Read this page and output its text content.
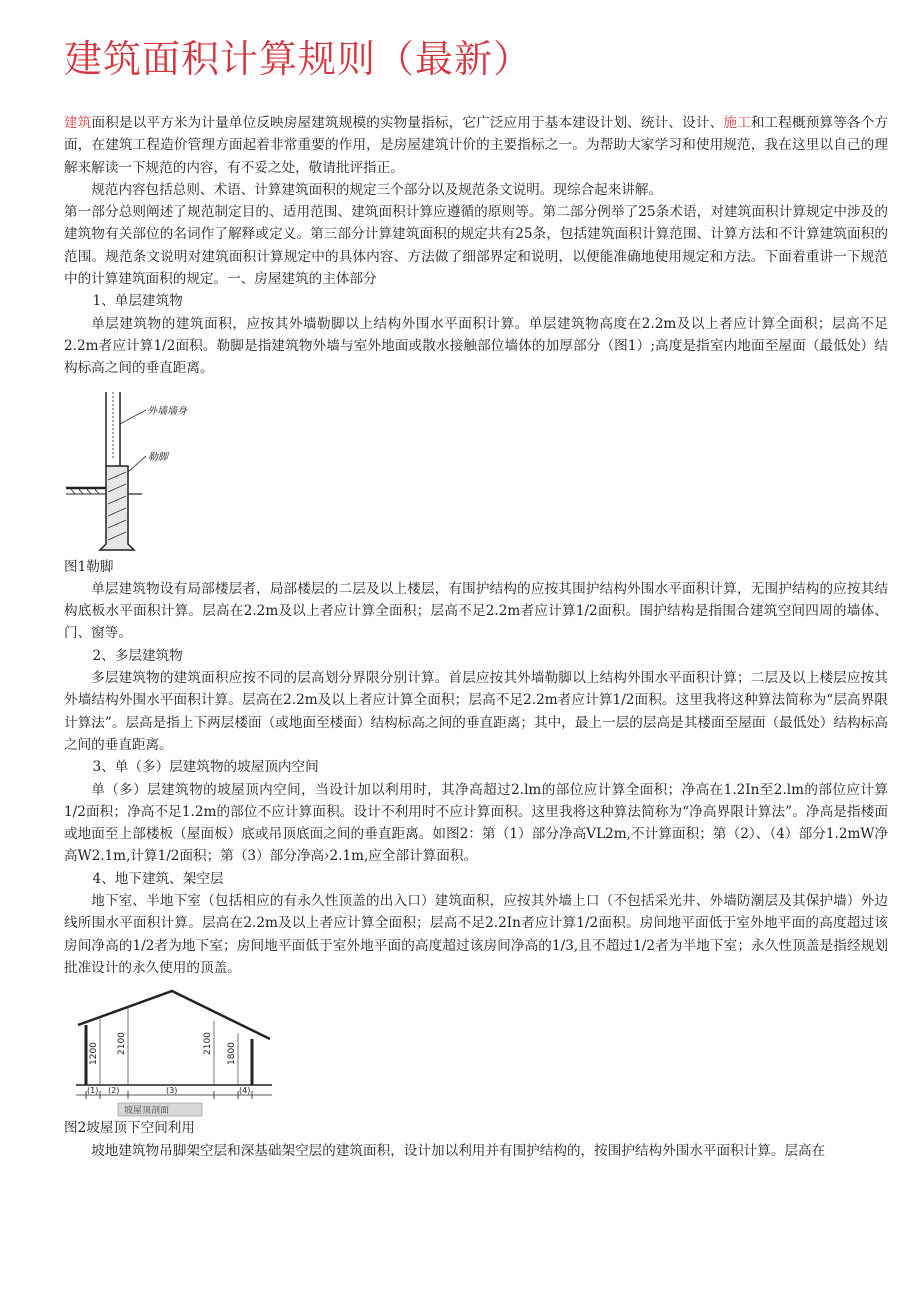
建筑面积计算规则（最新）

建筑面积是以平方米为计量单位反映房屋建筑规模的实物量指标，它广泛应用于基本建设计划、统计、设计、施工和工程概预算等各个方面，在建筑工程造价管理方面起着非常重要的作用，是房屋建筑计价的主要指标之一。为帮助大家学习和使用规范，我在这里以自己的理解来解读一下规范的内容，有不妥之处，敬请批评指正。

规范内容包括总则、术语、计算建筑面积的规定三个部分以及规范条文说明。现综合起来讲解。

第一部分总则阐述了规范制定目的、适用范围、建筑面积计算应遵循的原则等。第二部分例举了25条术语，对建筑面积计算规定中涉及的建筑物有关部位的名词作了解释或定义。第三部分计算建筑面积的规定共有25条，包括建筑面积计算范围、计算方法和不计算建筑面积的范围。规范条文说明对建筑面积计算规定中的具体内容、方法做了细部界定和说明，以便能准确地使用规定和方法。下面着重讲一下规范中的计算建筑面积的规定。一、房屋建筑的主体部分

1、单层建筑物

单层建筑物的建筑面积，应按其外墙勒脚以上结构外围水平面积计算。单层建筑物高度在2.2m及以上者应计算全面积；层高不足2.2m者应计算1/2面积。勒脚是指建筑物外墙与室外地面或散水接触部位墙体的加厚部分（图1）;高度是指室内地面至屋面（最低处）结构标高之间的垂直距离。

外墙墙身
勒脚

图1勒脚

单层建筑物设有局部楼层者，局部楼层的二层及以上楼层，有围护结构的应按其围护结构外围水平面积计算，无围护结构的应按其结构底板水平面积计算。层高在2.2m及以上者应计算全面积；层高不足2.2m者应计算1/2面积。围护结构是指围合建筑空间四周的墙体、门、窗等。

2、多层建筑物

多层建筑物的建筑面积应按不同的层高划分界限分别计算。首层应按其外墙勒脚以上结构外围水平面积计算；二层及以上楼层应按其外墙结构外围水平面积计算。层高在2.2m及以上者应计算全面积；层高不足2.2m者应计算1/2面积。这里我将这种算法简称为“层高界限计算法”。层高是指上下两层楼面（或地面至楼面）结构标高之间的垂直距离；其中，最上一层的层高是其楼面至屋面（最低处）结构标高之间的垂直距离。

3、单（多）层建筑物的坡屋顶内空间

单（多）层建筑物的坡屋顶内空间，当设计加以利用时，其净高超过2.lm的部位应计算全面积；净高在1.2In至2.lm的部位应计算1/2面积；净高不足1.2m的部位不应计算面积。设计不利用时不应计算面积。这里我将这种算法简称为“净高界限计算法”。净高是指楼面或地面至上部楼板（屋面板）底或吊顶底面之间的垂直距离。如图2：第（1）部分净高VL2m,不计算面积；第（2）、（4）部分1.2mW净高W2.1m,计算1/2面积；第（3）部分净高›2.1m,应全部计算面积。

4、地下建筑、架空层

地下室、半地下室（包括相应的有永久性顶盖的出入口）建筑面积，应按其外墙上口（不包括采光井、外墙防潮层及其保护墙）外边线所围水平面积计算。层高在2.2m及以上者应计算全面积；层高不足2.2In者应计算1/2面积。房间地平面低于室外地平面的高度超过该房间净高的1/2者为地下室；房间地平面低于室外地平面的高度超过该房间净高的1/3,且不超过1/2者为半地下室；永久性顶盖是指经规划批准设计的永久使用的顶盖。

1200 2100	2100 1800
(1) (2)	(3)	(4)
坡屋顶剖面

图2坡屋顶下空间利用

坡地建筑物吊脚架空层和深基础架空层的建筑面积，设计加以利用并有围护结构的，按围护结构外围水平面积计算。层高在
